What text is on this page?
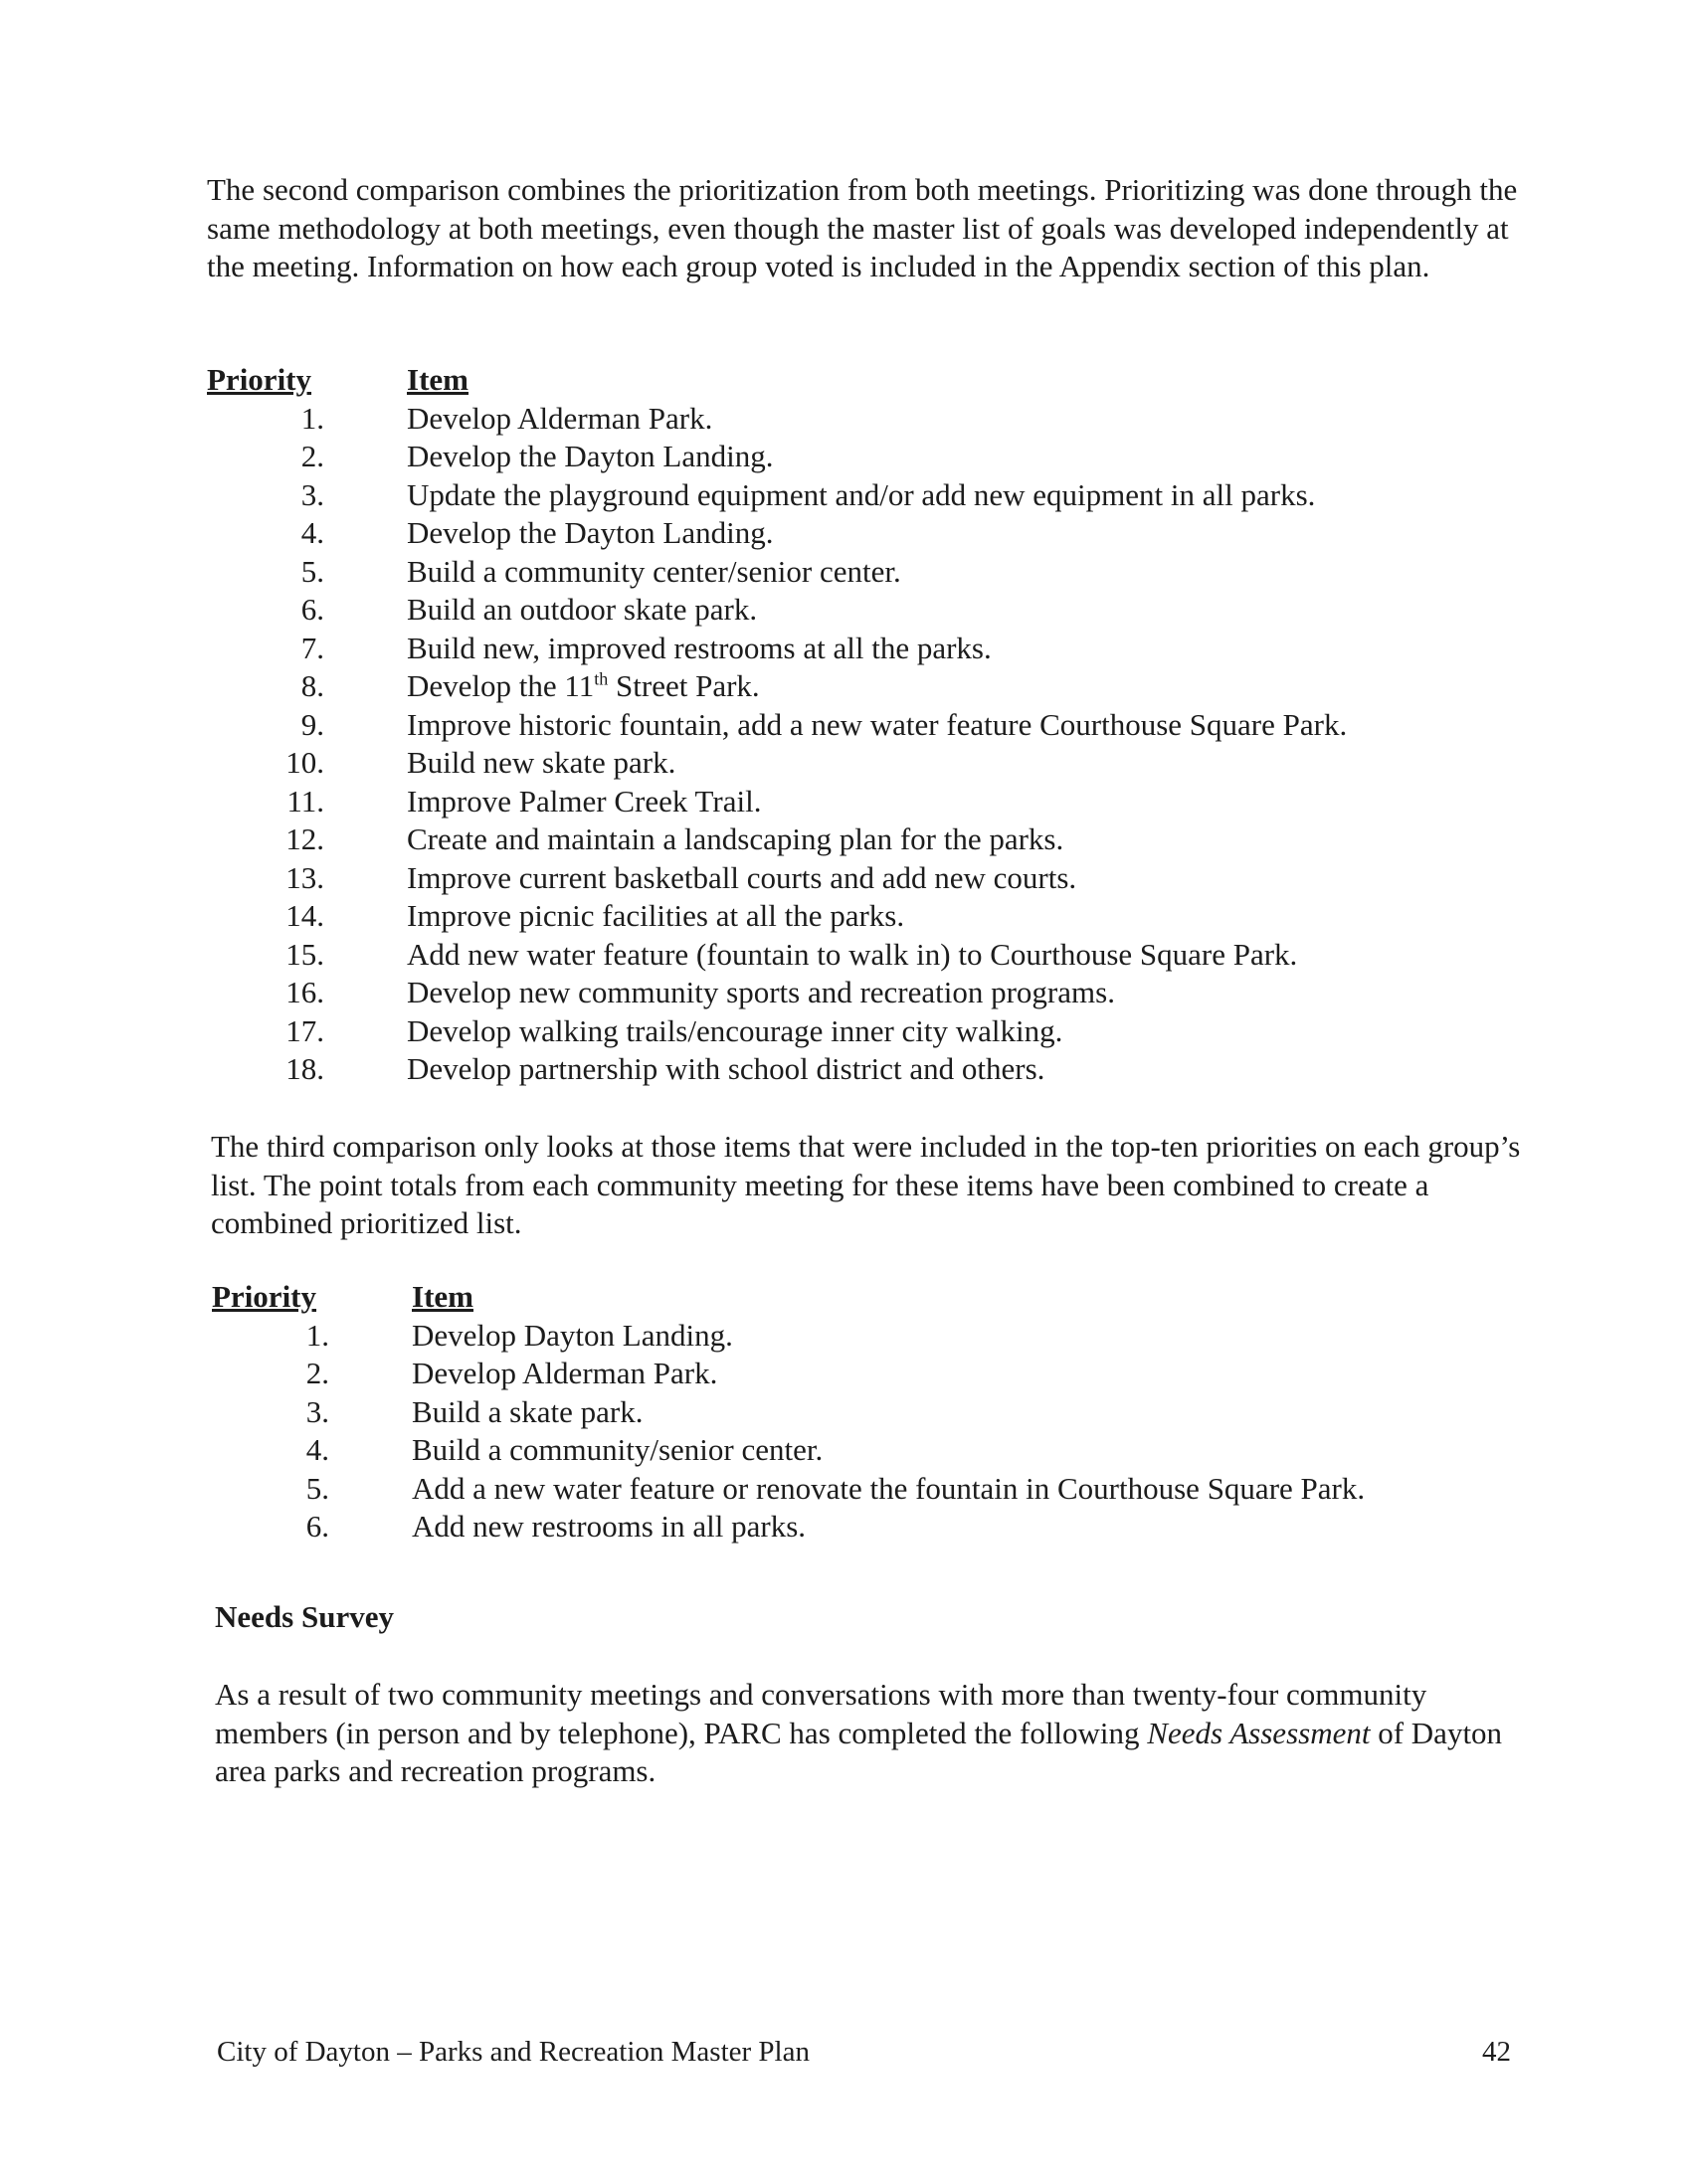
The second comparison combines the prioritization from both meetings. Prioritizing was done through the same methodology at both meetings, even though the master list of goals was developed independently at the meeting. Information on how each group voted is included in the Appendix section of this plan.

Priority	Item
1.	Develop Alderman Park.
2.	Develop the Dayton Landing.
3.	Update the playground equipment and/or add new equipment in all parks.
4.	Develop the Dayton Landing.
5.	Build a community center/senior center.
6.	Build an outdoor skate park.
7.	Build new, improved restrooms at all the parks.
8.	Develop the 11th Street Park.
9.	Improve historic fountain, add a new water feature Courthouse Square Park.
10.	Build new skate park.
11.	Improve Palmer Creek Trail.
12.	Create and maintain a landscaping plan for the parks.
13.	Improve current basketball courts and add new courts.
14.	Improve picnic facilities at all the parks.
15.	Add new water feature (fountain to walk in) to Courthouse Square Park.
16.	Develop new community sports and recreation programs.
17.	Develop walking trails/encourage inner city walking.
18.	Develop partnership with school district and others.

The third comparison only looks at those items that were included in the top-ten priorities on each group’s list. The point totals from each community meeting for these items have been combined to create a combined prioritized list.

Priority	Item
1.	Develop Dayton Landing.
2.	Develop Alderman Park.
3.	Build a skate park.
4.	Build a community/senior center.
5.	Add a new water feature or renovate the fountain in Courthouse Square Park.
6.	Add new restrooms in all parks.
Needs Survey

As a result of two community meetings and conversations with more than twenty-four community members (in person and by telephone), PARC has completed the following Needs Assessment of Dayton area parks and recreation programs.

City of Dayton – Parks and Recreation Master Plan	42
